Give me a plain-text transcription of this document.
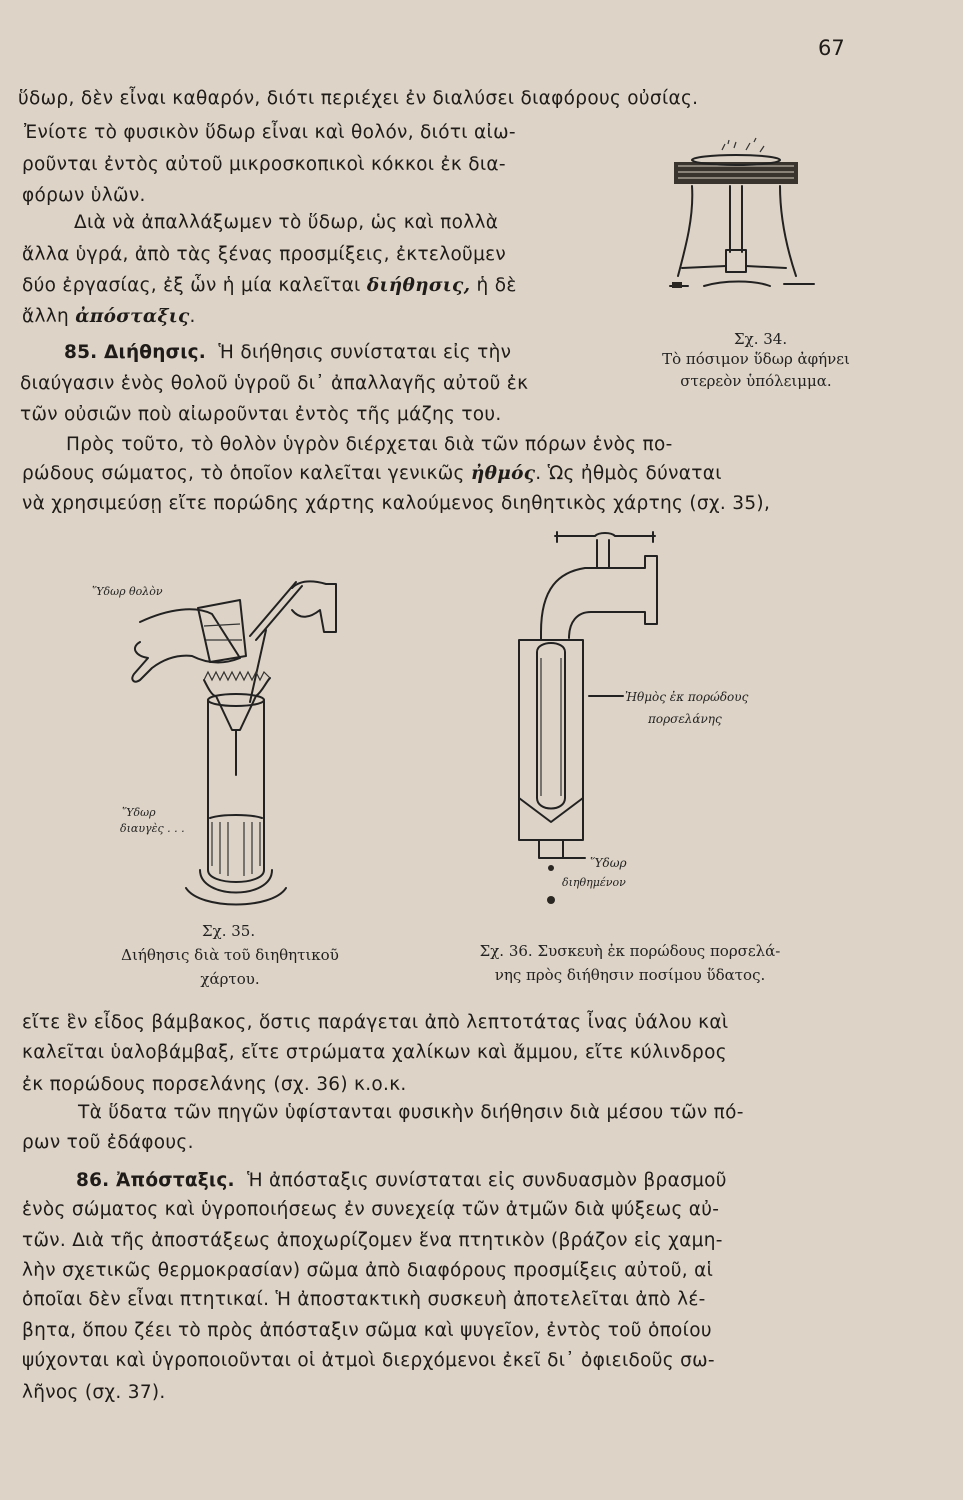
67
ὕδωρ, δὲν εἶναι καθαρόν, διότι περιέχει ἐν διαλύσει διαφόρους οὐσίας.
Ἐνίοτε τὸ φυσικὸν ὕδωρ εἶναι καὶ θολόν, διότι αἰω-
ροῦνται ἐντὸς αὐτοῦ μικροσκοπικοὶ κόκκοι ἐκ δια-
φόρων ὑλῶν.
Διὰ νὰ ἀπαλλάξωμεν τὸ ὕδωρ, ὡς καὶ πολλὰ
ἄλλα ὑγρά, ἀπὸ τὰς ξένας προσμίξεις, ἐκτελοῦμεν
δύο ἐργασίας, ἐξ ὧν ἡ μία καλεῖται διήθησις, ἡ δὲ
ἄλλη ἀπόσταξις.
85. Διήθησις. Ἡ διήθησις συνίσταται εἰς τὴν
διαύγασιν ἑνὸς θολοῦ ὑγροῦ δι᾽ ἀπαλλαγῆς αὐτοῦ ἐκ
τῶν οὐσιῶν ποὺ αἰωροῦνται ἐντὸς τῆς μάζης του.
Πρὸς τοῦτο, τὸ θολὸν ὑγρὸν διέρχεται διὰ τῶν πόρων ἑνὸς πο-
ρώδους σώματος, τὸ ὁποῖον καλεῖται γενικῶς ἠθμός. Ὡς ἠθμὸς δύναται
νὰ χρησιμεύσῃ εἴτε πορώδης χάρτης καλούμενος διηθητικὸς χάρτης (σχ. 35),
Σχ. 34.
Τὸ πόσιμον ὕδωρ ἀφήνει
στερεὸν ὑπόλειμμα.
Ὕδωρ θολὸν
Ὕδωρ
διαυγὲς . . .
Σχ. 35.
Διήθησις διὰ τοῦ διηθητικοῦ
χάρτου.
Ἠθμὸς ἐκ πορώδους
πορσελάνης
Ὕδωρ
διηθημένον
Σχ. 36. Συσκευὴ ἐκ πορώδους πορσελά-
νης πρὸς διήθησιν ποσίμου ὕδατος.
εἴτε ἓν εἶδος βάμβακος, ὅστις παράγεται ἀπὸ λεπτοτάτας ἶνας ὑάλου καὶ
καλεῖται ὑαλοβάμβαξ, εἴτε στρώματα χαλίκων καὶ ἄμμου, εἴτε κύλινδρος
ἐκ πορώδους πορσελάνης (σχ. 36) κ.ο.κ.
Τὰ ὕδατα τῶν πηγῶν ὑφίστανται φυσικὴν διήθησιν διὰ μέσου τῶν πό-
ρων τοῦ ἐδάφους.
86. Ἀπόσταξις. Ἡ ἀπόσταξις συνίσταται εἰς συνδυασμὸν βρασμοῦ
ἑνὸς σώματος καὶ ὑγροποιήσεως ἐν συνεχείᾳ τῶν ἀτμῶν διὰ ψύξεως αὐ-
τῶν. Διὰ τῆς ἀποστάξεως ἀποχωρίζομεν ἕνα πτητικὸν (βράζον εἰς χαμη-
λὴν σχετικῶς θερμοκρασίαν) σῶμα ἀπὸ διαφόρους προσμίξεις αὐτοῦ, αἱ
ὁποῖαι δὲν εἶναι πτητικαί. Ἡ ἀποστακτικὴ συσκευὴ ἀποτελεῖται ἀπὸ λέ-
βητα, ὅπου ζέει τὸ πρὸς ἀπόσταξιν σῶμα καὶ ψυγεῖον, ἐντὸς τοῦ ὁποίου
ψύχονται καὶ ὑγροποιοῦνται οἱ ἀτμοὶ διερχόμενοι ἐκεῖ δι᾽ ὀφιειδοῦς σω-
λῆνος (σχ. 37).
